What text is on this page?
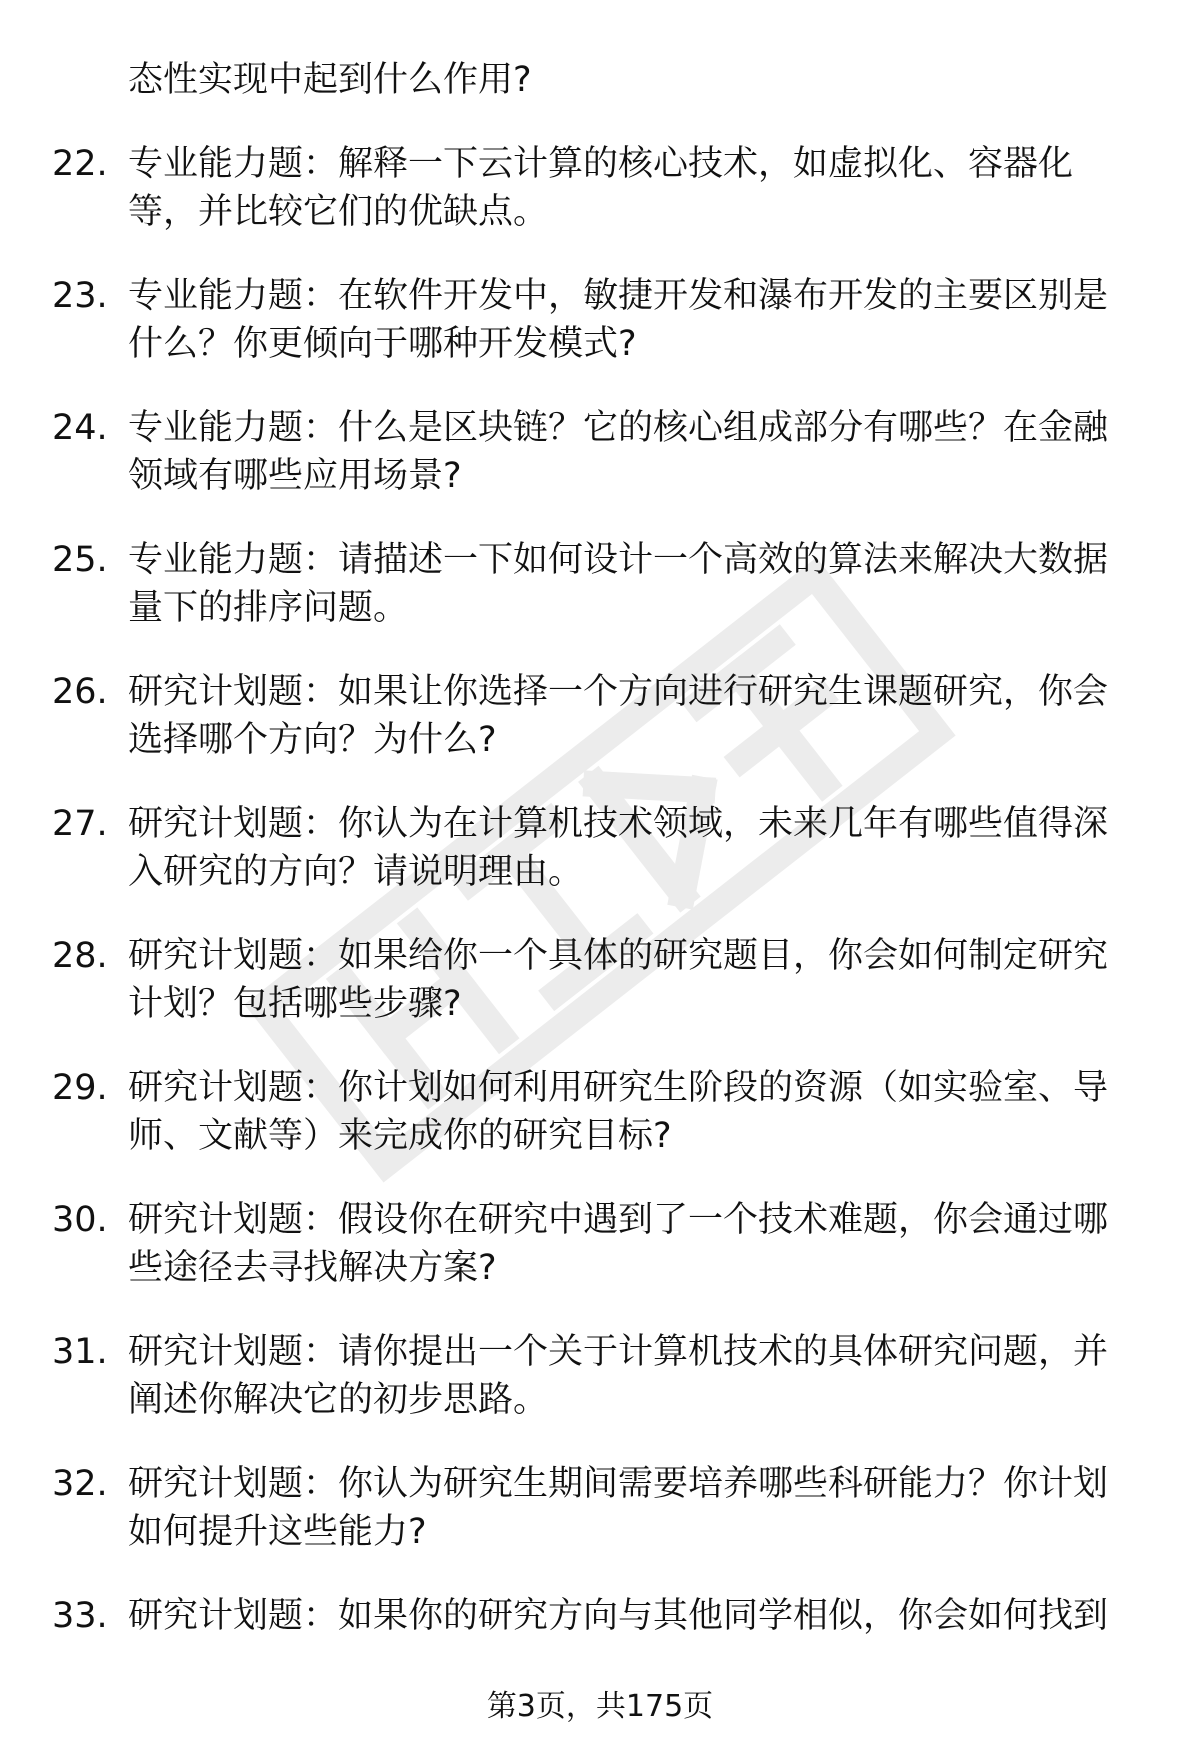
态性实现中起到什么作用?
22. 专业能力题：解释一下云计算的核心技术，如虚拟化、容器化
等，并比较它们的优缺点。
23. 专业能力题：在软件开发中，敏捷开发和瀑布开发的主要区别是
什么？你更倾向于哪种开发模式?
24. 专业能力题：什么是区块链？它的核心组成部分有哪些？在金融
领域有哪些应用场景?
25. 专业能力题：请描述一下如何设计一个高效的算法来解决大数据
量下的排序问题。
26. 研究计划题：如果让你选择一个方向进行研究生课题研究，你会
选择哪个方向？为什么?
27. 研究计划题：你认为在计算机技术领域，未来几年有哪些值得深
入研究的方向？请说明理由。
28. 研究计划题：如果给你一个具体的研究题目，你会如何制定研究
计划？包括哪些步骤?
29. 研究计划题：你计划如何利用研究生阶段的资源（如实验室、导
师、文献等）来完成你的研究目标?
30. 研究计划题：假设你在研究中遇到了一个技术难题，你会通过哪
些途径去寻找解决方案?
31. 研究计划题：请你提出一个关于计算机技术的具体研究问题，并
阐述你解决它的初步思路。
32. 研究计划题：你认为研究生期间需要培养哪些科研能力？你计划
如何提升这些能力?
33. 研究计划题：如果你的研究方向与其他同学相似，你会如何找到
第3页，共175页
